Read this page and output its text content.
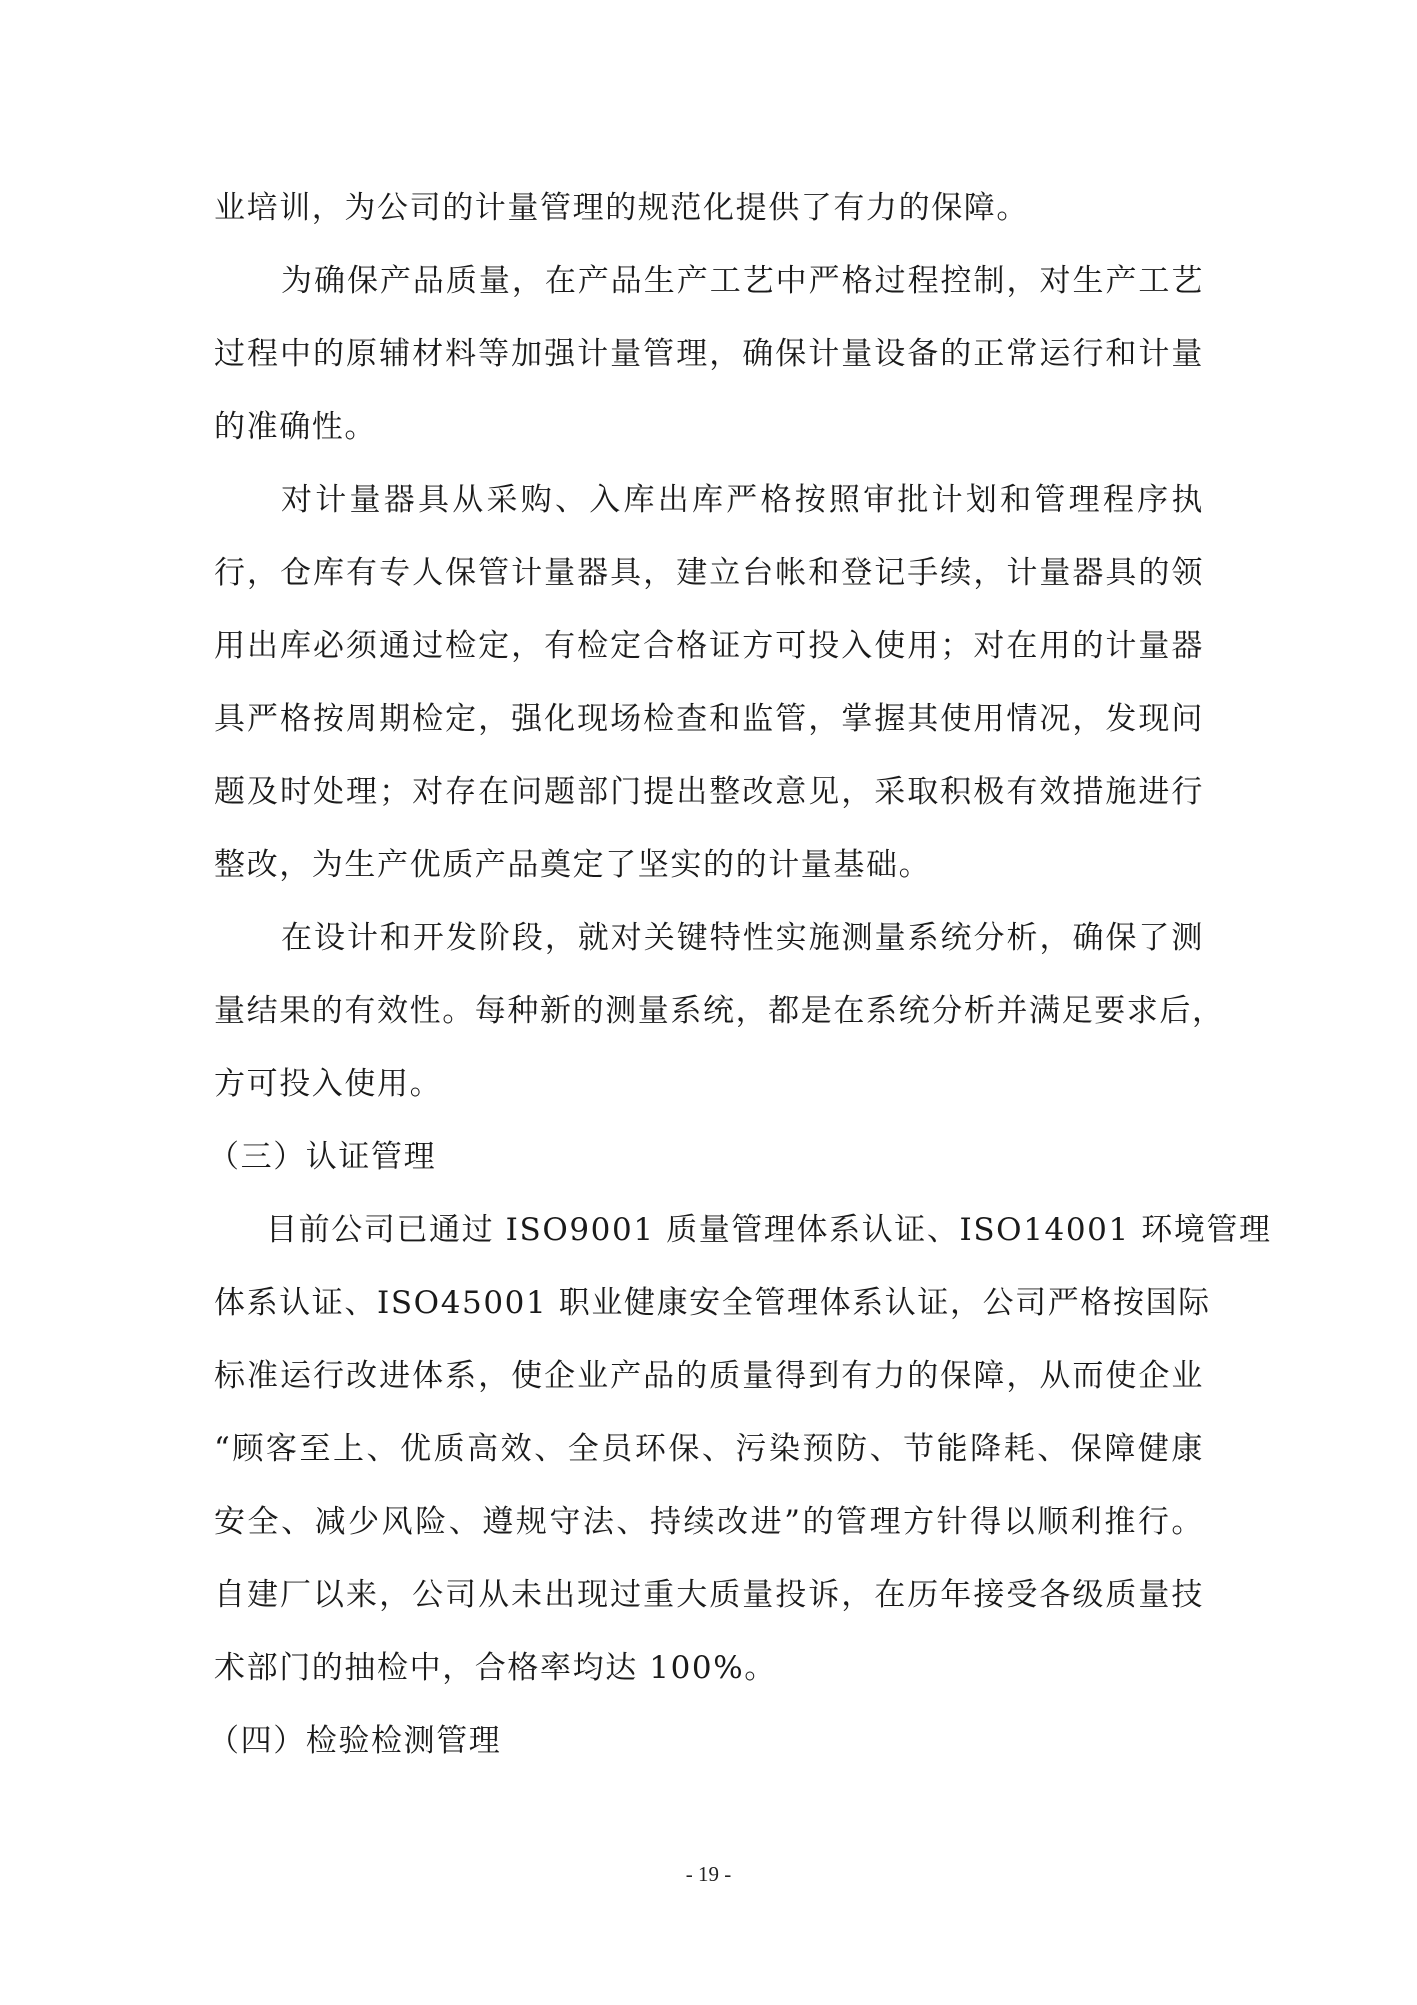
业培训，为公司的计量管理的规范化提供了有力的保障。
为确保产品质量，在产品生产工艺中严格过程控制，对生产工艺
过程中的原辅材料等加强计量管理，确保计量设备的正常运行和计量
的准确性。
对计量器具从采购、入库出库严格按照审批计划和管理程序执
行，仓库有专人保管计量器具，建立台帐和登记手续，计量器具的领
用出库必须通过检定，有检定合格证方可投入使用；对在用的计量器
具严格按周期检定，强化现场检查和监管，掌握其使用情况，发现问
题及时处理；对存在问题部门提出整改意见，采取积极有效措施进行
整改，为生产优质产品奠定了坚实的的计量基础。
在设计和开发阶段，就对关键特性实施测量系统分析，确保了测
量结果的有效性。每种新的测量系统，都是在系统分析并满足要求后，
方可投入使用。
（三）认证管理
目前公司已通过 ISO9001 质量管理体系认证、ISO14001 环境管理
体系认证、ISO45001 职业健康安全管理体系认证，公司严格按国际
标准运行改进体系，使企业产品的质量得到有力的保障，从而使企业
“顾客至上、优质高效、全员环保、污染预防、节能降耗、保障健康
安全、减少风险、遵规守法、持续改进”的管理方针得以顺利推行。
自建厂以来，公司从未出现过重大质量投诉，在历年接受各级质量技
术部门的抽检中，合格率均达 100%。
（四）检验检测管理
- 19 -
